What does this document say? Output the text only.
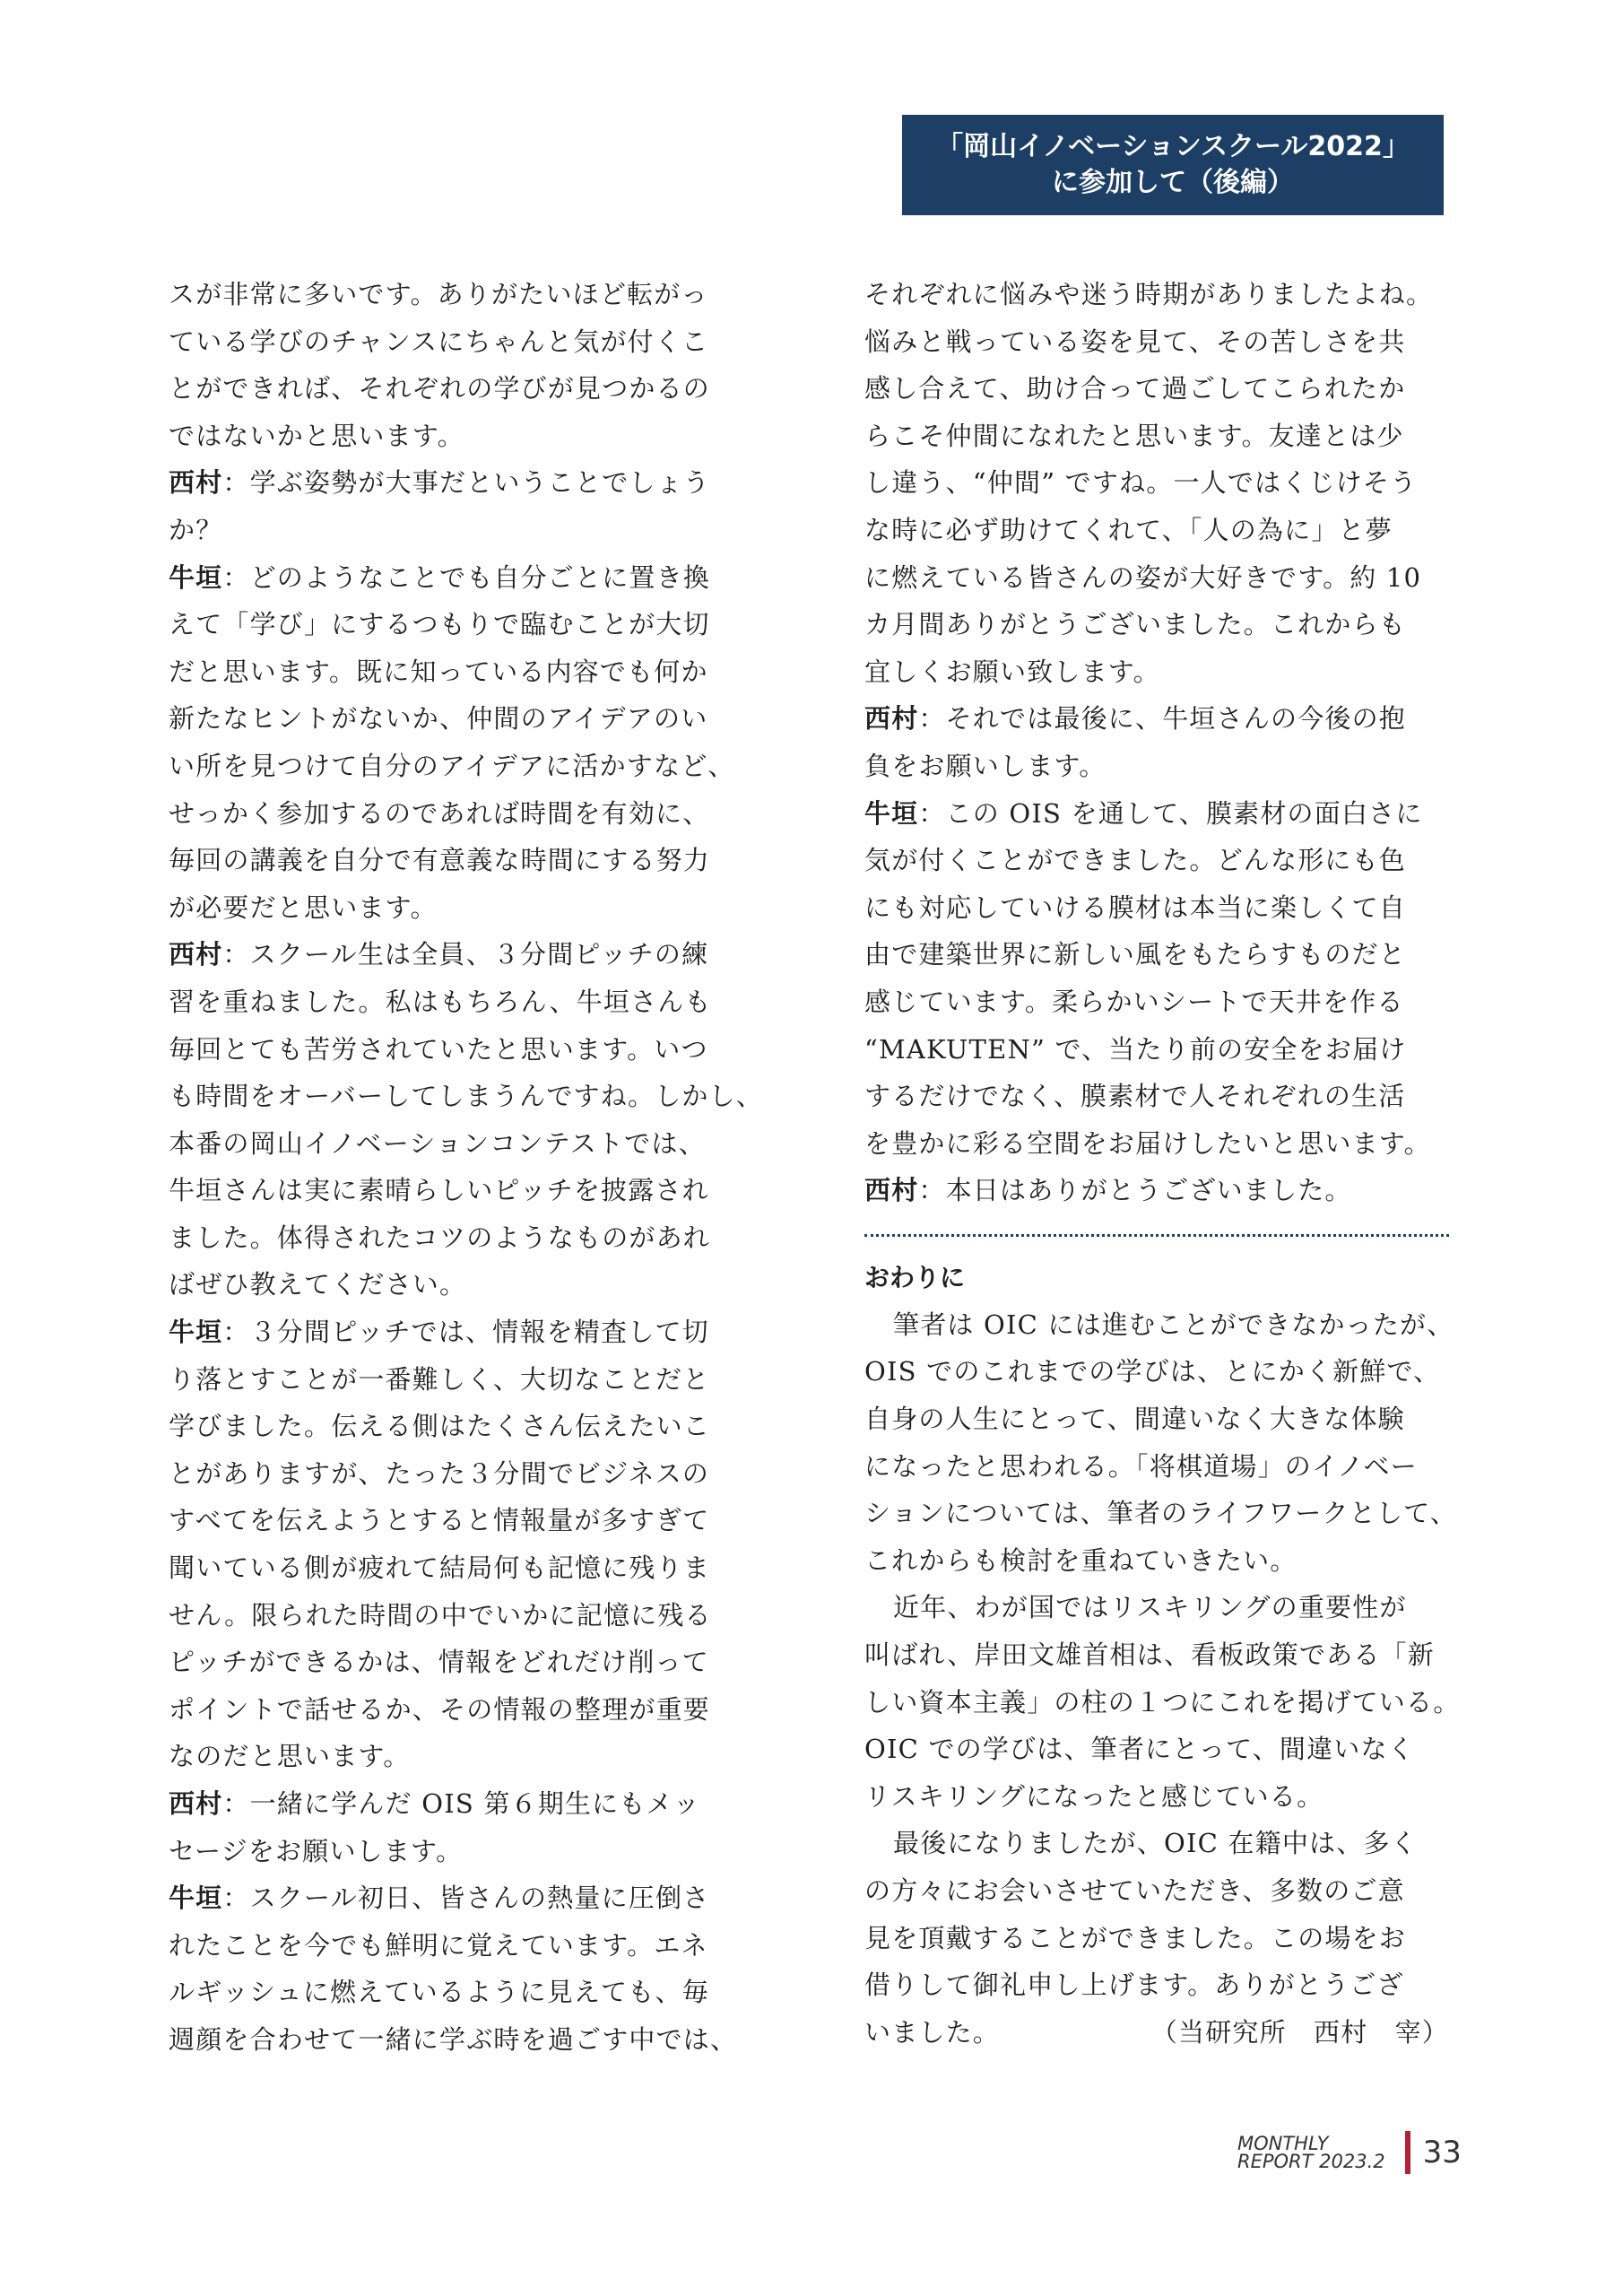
「岡山イノベーションスクール2022」
に参加して（後編）
スが非常に多いです。ありがたいほど転がっ
ている学びのチャンスにちゃんと気が付くこ
とができれば、それぞれの学びが見つかるの
ではないかと思います。
西村：学ぶ姿勢が大事だということでしょう
か？
牛垣：どのようなことでも自分ごとに置き換
えて「学び」にするつもりで臨むことが大切
だと思います。既に知っている内容でも何か
新たなヒントがないか、仲間のアイデアのい
い所を見つけて自分のアイデアに活かすなど、
せっかく参加するのであれば時間を有効に、
毎回の講義を自分で有意義な時間にする努力
が必要だと思います。
西村：スクール生は全員、３分間ピッチの練
習を重ねました。私はもちろん、牛垣さんも
毎回とても苦労されていたと思います。いつ
も時間をオーバーしてしまうんですね。しかし、
本番の岡山イノベーションコンテストでは、
牛垣さんは実に素晴らしいピッチを披露され
ました。体得されたコツのようなものがあれ
ばぜひ教えてください。
牛垣：３分間ピッチでは、情報を精査して切
り落とすことが一番難しく、大切なことだと
学びました。伝える側はたくさん伝えたいこ
とがありますが、たった３分間でビジネスの
すべてを伝えようとすると情報量が多すぎて
聞いている側が疲れて結局何も記憶に残りま
せん。限られた時間の中でいかに記憶に残る
ピッチができるかは、情報をどれだけ削って
ポイントで話せるか、その情報の整理が重要
なのだと思います。
西村：一緒に学んだ OIS 第６期生にもメッ
セージをお願いします。
牛垣：スクール初日、皆さんの熱量に圧倒さ
れたことを今でも鮮明に覚えています。エネ
ルギッシュに燃えているように見えても、毎
週顔を合わせて一緒に学ぶ時を過ごす中では、
それぞれに悩みや迷う時期がありましたよね。
悩みと戦っている姿を見て、その苦しさを共
感し合えて、助け合って過ごしてこられたか
らこそ仲間になれたと思います。友達とは少
し違う、“仲間” ですね。一人ではくじけそう
な時に必ず助けてくれて、「人の為に」と夢
に燃えている皆さんの姿が大好きです。約 10
カ月間ありがとうございました。これからも
宜しくお願い致します。
西村：それでは最後に、牛垣さんの今後の抱
負をお願いします。
牛垣：この OIS を通して、膜素材の面白さに
気が付くことができました。どんな形にも色
にも対応していける膜材は本当に楽しくて自
由で建築世界に新しい風をもたらすものだと
感じています。柔らかいシートで天井を作る
“MAKUTEN” で、当たり前の安全をお届け
するだけでなく、膜素材で人それぞれの生活
を豊かに彩る空間をお届けしたいと思います。
西村：本日はありがとうございました。
おわりに
筆者は OIC には進むことができなかったが、
OIS でのこれまでの学びは、とにかく新鮮で、
自身の人生にとって、間違いなく大きな体験
になったと思われる。「将棋道場」のイノベー
ションについては、筆者のライフワークとして、
これからも検討を重ねていきたい。
近年、わが国ではリスキリングの重要性が
叫ばれ、岸田文雄首相は、看板政策である「新
しい資本主義」の柱の１つにこれを掲げている。
OIC での学びは、筆者にとって、間違いなく
リスキリングになったと感じている。
最後になりましたが、OIC 在籍中は、多く
の方々にお会いさせていただき、多数のご意
見を頂戴することができました。この場をお
借りして御礼申し上げます。ありがとうござ
いました。	（当研究所　西村　宰）
MONTHLY
REPORT 2023.2 33
